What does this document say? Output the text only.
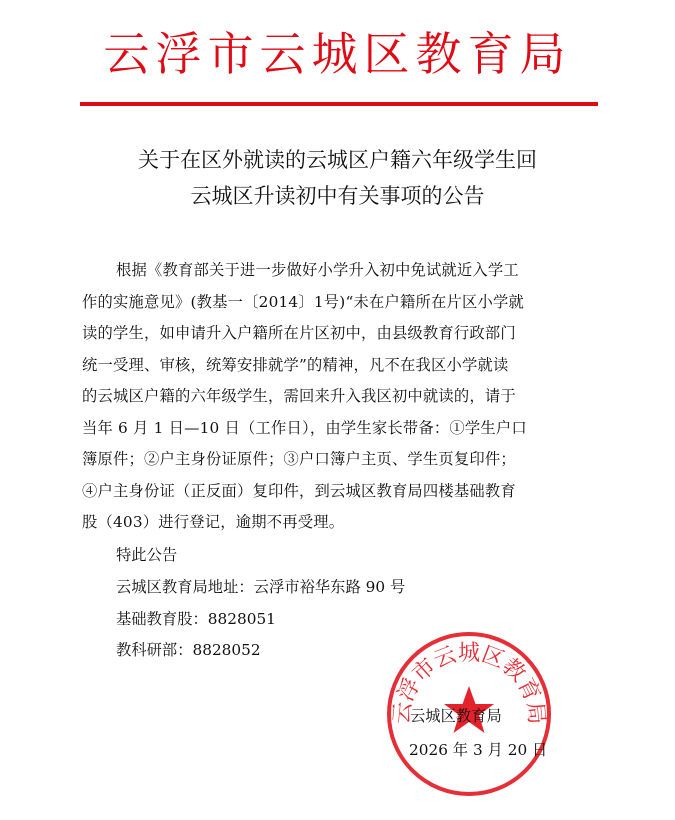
云浮市云城区教育局
关于在区外就读的云城区户籍六年级学生回
云城区升读初中有关事项的公告
根据《教育部关于进一步做好小学升入初中免试就近入学工
作的实施意见》(教基一〔2014〕1号)“未在户籍所在片区小学就
读的学生，如申请升入户籍所在片区初中，由县级教育行政部门
统一受理、审核，统筹安排就学”的精神，凡不在我区小学就读
的云城区户籍的六年级学生，需回来升入我区初中就读的，请于
当年 6 月 1 日—10 日（工作日），由学生家长带备：①学生户口
簿原件；②户主身份证原件；③户口簿户主页、学生页复印件；
④户主身份证（正反面）复印件，到云城区教育局四楼基础教育
股（403）进行登记，逾期不再受理。
特此公告
云城区教育局地址：云浮市裕华东路 90 号
基础教育股：8828051
教科研部：8828052
云浮市云城区教育局
云城区教育局
2026 年 3 月 20 日
